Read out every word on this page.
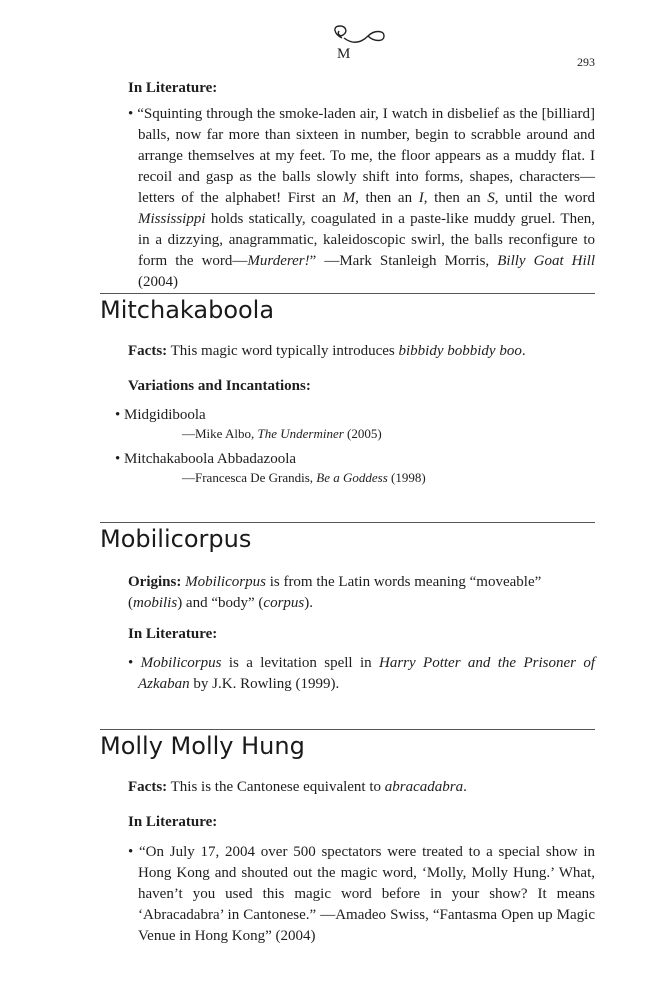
M	293
In Literature:
• “Squinting through the smoke-laden air, I watch in disbelief as the [billiard] balls, now far more than sixteen in number, begin to scrabble around and arrange themselves at my feet. To me, the floor appears as a muddy flat. I recoil and gasp as the balls slowly shift into forms, shapes, characters—letters of the alphabet! First an M, then an I, then an S, until the word Mississippi holds statically, coagulated in a paste-like muddy gruel. Then, in a dizzying, anagrammatic, kaleidoscopic swirl, the balls reconfigure to form the word—Murderer!” —Mark Stanleigh Morris, Billy Goat Hill (2004)
Mitchakaboola
Facts: This magic word typically introduces bibbidy bobbidy boo.
Variations and Incantations:
• Midgidiboola
—Mike Albo, The Underminer (2005)
• Mitchakaboola Abbadazoola
—Francesca De Grandis, Be a Goddess (1998)
Mobilicorpus
Origins: Mobilicorpus is from the Latin words meaning “moveable” (mobilis) and “body” (corpus).
In Literature:
• Mobilicorpus is a levitation spell in Harry Potter and the Prisoner of Azkaban by J.K. Rowling (1999).
Molly Molly Hung
Facts: This is the Cantonese equivalent to abracadabra.
In Literature:
• “On July 17, 2004 over 500 spectators were treated to a special show in Hong Kong and shouted out the magic word, ‘Molly, Molly Hung.’ What, haven’t you used this magic word before in your show? It means ‘Abracadabra’ in Cantonese.” —Amadeo Swiss, “Fantasma Open up Magic Venue in Hong Kong” (2004)
